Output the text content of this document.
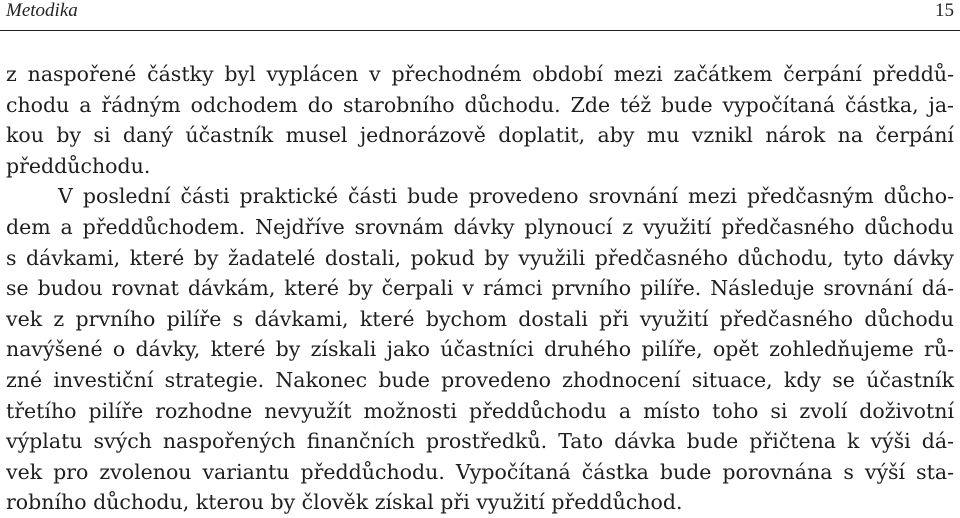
Metodika	15
z naspořené částky byl vyplácen v přechodném období mezi začátkem čerpání předdů-
chodu a řádným odchodem do starobního důchodu. Zde též bude vypočítaná částka, ja-
kou by si daný účastník musel jednorázově doplatit, aby mu vznikl nárok na čerpání
předdůchodu.
V poslední části praktické části bude provedeno srovnání mezi předčasným důcho-
dem a předdůchodem. Nejdříve srovnám dávky plynoucí z využití předčasného důchodu
s dávkami, které by žadatelé dostali, pokud by využili předčasného důchodu, tyto dávky
se budou rovnat dávkám, které by čerpali v rámci prvního pilíře. Následuje srovnání dá-
vek z prvního pilíře s dávkami, které bychom dostali při využití předčasného důchodu
navýšené o dávky, které by získali jako účastníci druhého pilíře, opět zohledňujeme rů-
zné investiční strategie. Nakonec bude provedeno zhodnocení situace, kdy se účastník
třetího pilíře rozhodne nevyužít možnosti předdůchodu a místo toho si zvolí doživotní
výplatu svých naspořených finančních prostředků. Tato dávka bude přičtena k výši dá-
vek pro zvolenou variantu předdůchodu. Vypočítaná částka bude porovnána s výší sta-
robního důchodu, kterou by člověk získal při využití předdůchod.
